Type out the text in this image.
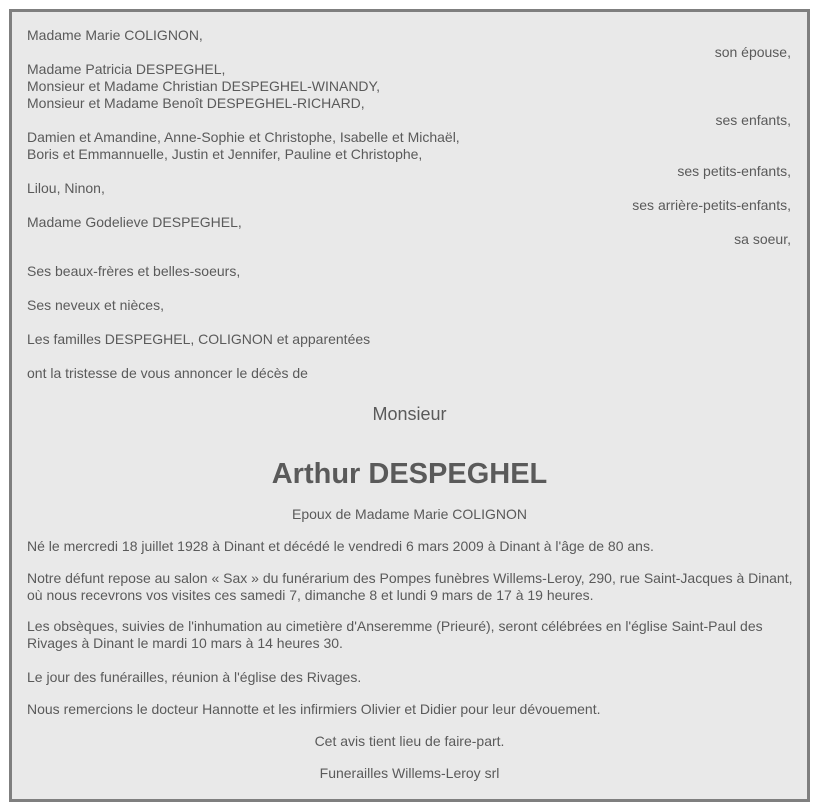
Madame Marie COLIGNON,
son épouse,
Madame Patricia DESPEGHEL,
Monsieur et Madame Christian DESPEGHEL-WINANDY,
Monsieur et Madame Benoît DESPEGHEL-RICHARD,
ses enfants,
Damien et Amandine, Anne-Sophie et Christophe, Isabelle et Michaël,
Boris et Emmannuelle, Justin et Jennifer, Pauline et Christophe,
ses petits-enfants,
Lilou, Ninon,
ses arrière-petits-enfants,
Madame Godelieve DESPEGHEL,
sa soeur,
Ses beaux-frères et belles-soeurs,
Ses neveux et nièces,
Les familles DESPEGHEL, COLIGNON et apparentées
ont la tristesse de vous annoncer le décès de
Monsieur
Arthur DESPEGHEL
Epoux de Madame Marie COLIGNON
Né le mercredi 18 juillet 1928 à Dinant et décédé le vendredi 6 mars 2009 à Dinant à l'âge de 80 ans.
Notre défunt repose au salon « Sax » du funérarium des Pompes funèbres Willems-Leroy, 290, rue Saint-Jacques à Dinant, où nous recevrons vos visites ces samedi 7, dimanche 8 et lundi 9 mars de 17 à 19 heures.
Les obsèques, suivies de l'inhumation au cimetière d'Anseremme (Prieuré), seront célébrées en l'église Saint-Paul des Rivages à Dinant le mardi 10 mars à 14 heures 30.
Le jour des funérailles, réunion à l'église des Rivages.
Nous remercions le docteur Hannotte et les infirmiers Olivier et Didier pour leur dévouement.
Cet avis tient lieu de faire-part.
Funerailles Willems-Leroy srl
